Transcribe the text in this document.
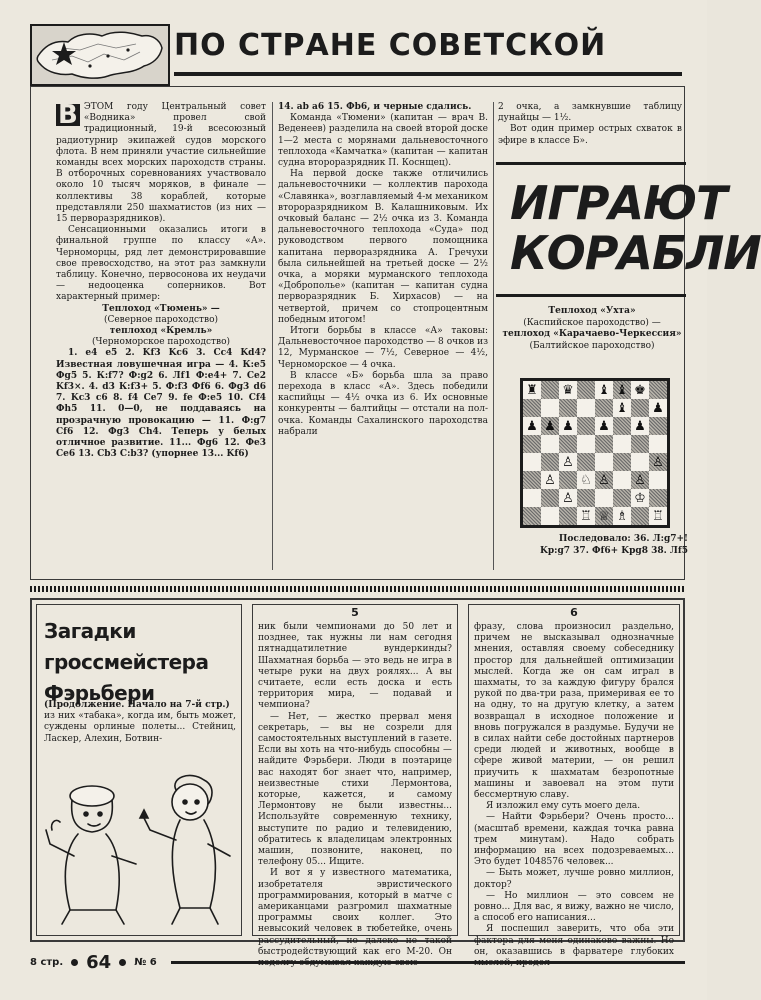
ПО СТРАНЕ СОВЕТСКОЙ
В ЭТОМ году Центральный совет «Водника» провел свой традиционный, 19-й всесоюзный радиотурнир экипажей судов морского флота. В нем приняли участие сильнейшие команды всех морских пароходств страны. В отборочных соревнованиях участвовало около 10 тысяч моряков, в финале — коллективы 38 кораблей, которые представляли 250 шахматистов (из них — 15 перворазрядников).

Сенсационными оказались итоги в финальной группе по классу «А». Черноморцы, ряд лет демонстрировавшие свое превосходство, на этот раз замкнули таблицу. Конечно, первосонова их неудачи — недооценка соперников. Вот характерный пример:

Теплоход «Тюмень» —

(Северное пароходство)

теплоход «Кремль»

(Черноморское пароходство)

1. e4 e5 2. Kf3 Kc6 3. Cc4 Kd4? Известная ловушечная игра — 4. К:e5 Фg5 5. К:f7? Ф:g2 6. Лf1 Ф:e4+ 7. Ce2 Kf3×. 4. d3 К:f3+ 5. Ф:f3 Фf6 6. Фg3 d6 7. Kc3 c6 8. f4 Ce7 9. fe Ф:e5 10. Cf4 Фh5 11. 0—0, не поддаваясь на прозрачную провокацию — 11. Ф:g7 Cf6 12. Фg3 Ch4. Теперь у белых отличное развитие. 11... Фg6 12. Фe3 Ce6 13. Cb3 C:b3? (упорнее 13... Kf6)

14. ab a6 15. Фb6, и черные сдались.

Команда «Тюмени» (капитан — врач В. Веденеев) разделила на своей второй доске 1—2 места с морянами дальневосточного теплохода «Камчатка» (капитан — капитан судна второразрядник П. Коснщец).

На первой доске также отличились дальневосточники — коллектив парохода «Славянка», возглавляемый 4-м механиком второразрядником В. Калашниковым. Их очковый баланс — 2½ очка из 3. Команда дальневосточного теплохода «Суда» под руководством первого помощника капитана перворазрядника А. Гречухи была сильнейшей на третьей доске — 2½ очка, а моряки мурманского теплохода «Доброполье» (капитан — капитан судна перворазрядник Б. Хирхасов) — на четвертой, причем со стопроцентным победным итогом!

Итоги борьбы в классе «А» таковы: Дальневосточное пароходство — 8 очков из 12, Мурманское — 7½, Северное — 4½, Черноморское — 4 очка.

В классе «Б» борьба шла за право перехода в класс «А». Здесь победили каспийцы — 4½ очка из 6. Их основные конкуренты — балтийцы — отстали на пол-очка. Команды Сахалинского пароходства набрали

2 очка, а замкнувшие таблицу дунайцы — 1½.

Вот один пример острых схваток в эфире в классе Б».

ИГРАЮТ
КОРАБЛИ
Теплоход «Ухта»
(Каспийское пароходство) —
теплоход «Карачаево-Черкессия»
(Балтийское пароходство)
♜ ♛ ♝ ♝ ♚
♝ ♟
♟ ♟ ♟ ♟ ♟
♙	♙
♙ ♘ ♙ ♙
♙	♔
♖ ♕ ♗ ♖
Последовало: 36. Л:g7+!
Kp:g7 37. Фf6+ Kpg8 38. Лf5
Загадки гроссмейстера Фэрьбери

(Продолжение. Начало на 7-й стр.)

из них «табака», когда им, быть может, суждены орлиные полеты... Стейниц, Ласкер, Алехин, Ботвин-

5

ник были чемпионами до 50 лет и позднее, так нужны ли нам сегодня пятнадцатилетние вундеркинды? Шахматная борьба — это ведь не игра в четыре руки на двух роялях... А вы считаете, если есть доска и есть территория мира, — подавай и чемпиона?

— Нет, — жестко прервал меня секретарь, — вы не созрели для самостоятельных выступлений в газете. Если вы хоть на что-нибудь способны — найдите Фэрьбери. Люди в поэтарице вас находят бог знает что, например, неизвестные стихи Лермонтова, которые, кажется, и самому Лермонтову не были известны... Используйте современную технику, выступите по радио и телевидению, обратитесь к владелицам электронных машин, позвоните, наконец, по телефону 05... Ищите.

И вот я у известного математика, изобретателя эвристического программирования, который в матче с американцами разгромил шахматные программы своих коллег. Это невысокий человек в тюбетейке, очень рассудительный, но далеко не такой быстродействующий как его М-20. Он

6

фразу, слова произносил раздельно, причем не высказывал однозначные мнения, оставляя своему собеседнику простор для дальнейшей оптимизации мыслей. Когда же он сам играл в шахматы, то за каждую фигуру брался рукой по два-три раза, примеривая ее то на одну, то на другую клетку, а затем возвращал в исходное положение и вновь погружался в раздумье. Будучи не в силах найти себе достойных партнеров среди людей и животных, вообще в сфере живой материи, — он решил приучить к шахматам безропотные машины и завоевал на этом пути бессмертную славу.

Я изложил ему суть моего дела.

— Найти Фэрьбери? Очень просто... (масштаб времени, каждая точка равна трем минутам). Надо собрать информацию на всех подозреваемых... Это будет 1048576 человек...

— Быть может, лучше ровно миллион, доктор?

— Но миллион — это совсем не ровно... Для вас, я вижу, важно не число, а способ его написания...

Я поспешил заверить, что оба эти фактора для меня одинаково важны. Но он, оказавшись в фарватере глубоких

8 стр. 64 № 6
